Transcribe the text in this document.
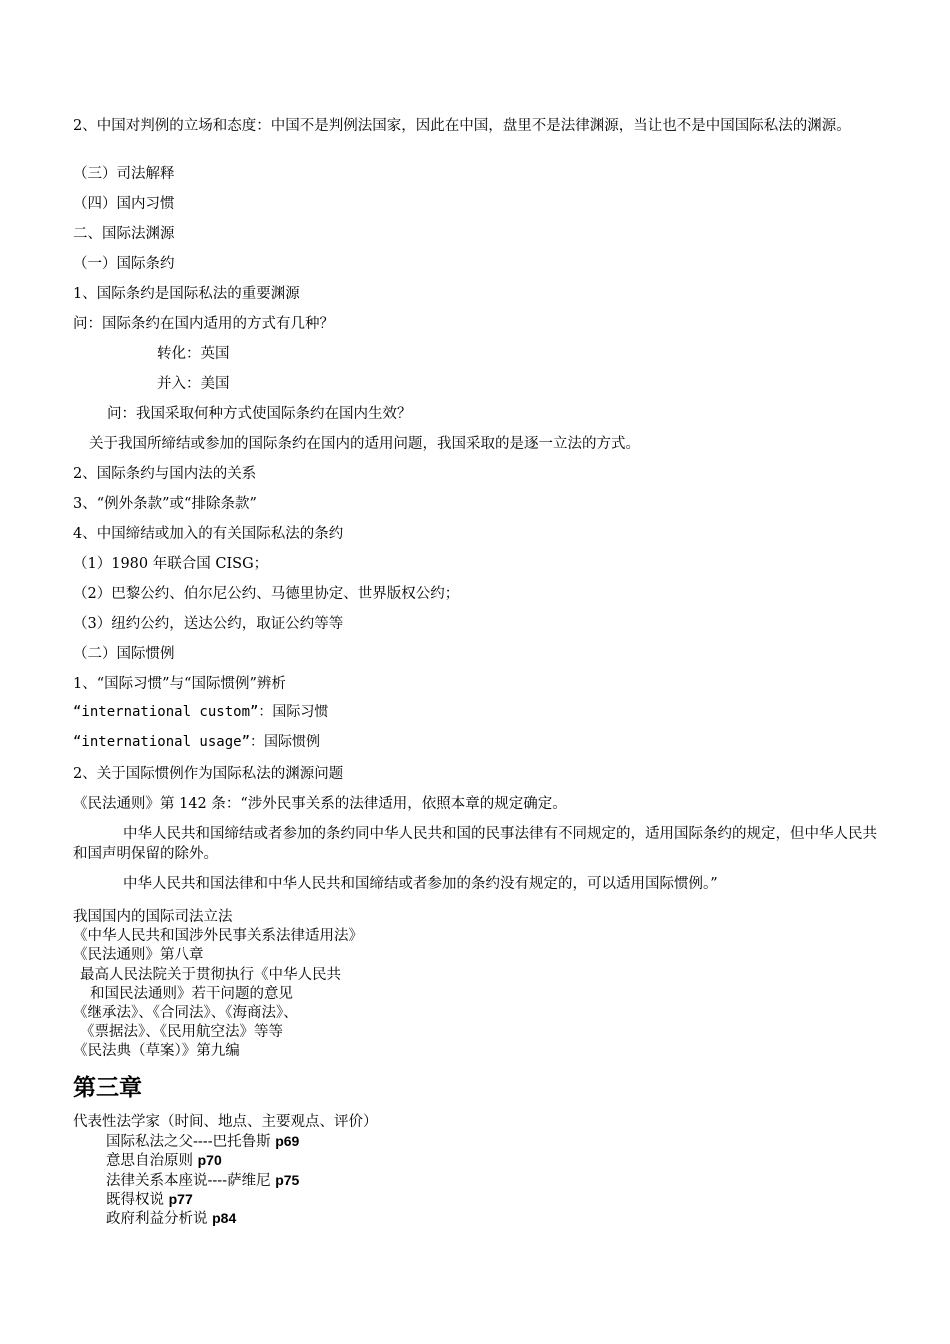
2、中国对判例的立场和态度：中国不是判例法国家，因此在中国，盘里不是法律渊源，当让也不是中国国际私法的渊源。
（三）司法解释
（四）国内习惯
二、国际法渊源
（一）国际条约
1、国际条约是国际私法的重要渊源
问：国际条约在国内适用的方式有几种？
转化：英国
并入：美国
问：我国采取何种方式使国际条约在国内生效？
关于我国所缔结或参加的国际条约在国内的适用问题，我国采取的是逐一立法的方式。
2、国际条约与国内法的关系
3、“例外条款”或“排除条款”
4、中国缔结或加入的有关国际私法的条约
（1）1980 年联合国 CISG；
（2）巴黎公约、伯尔尼公约、马德里协定、世界版权公约；
（3）纽约公约，送达公约，取证公约等等
（二）国际惯例
1、“国际习惯”与“国际惯例”辨析
“international custom”：国际习惯
“international usage”：国际惯例
2、关于国际惯例作为国际私法的渊源问题
《民法通则》第 142 条：“涉外民事关系的法律适用，依照本章的规定确定。
中华人民共和国缔结或者参加的条约同中华人民共和国的民事法律有不同规定的，适用国际条约的规定，但中华人民共和国声明保留的除外。
中华人民共和国法律和中华人民共和国缔结或者参加的条约没有规定的，可以适用国际惯例。”
我国国内的国际司法立法
《中华人民共和国涉外民事关系法律适用法》
《民法通则》第八章
最高人民法院关于贯彻执行《中华人民共
和国民法通则》若干问题的意见
《继承法》、《合同法》、《海商法》、
《票据法》、《民用航空法》等等
《民法典（草案）》第九编
第三章
代表性法学家（时间、地点、主要观点、评价）
国际私法之父----巴托鲁斯 p69
意思自治原则 p70
法律关系本座说----萨维尼 p75
既得权说 p77
政府利益分析说 p84
